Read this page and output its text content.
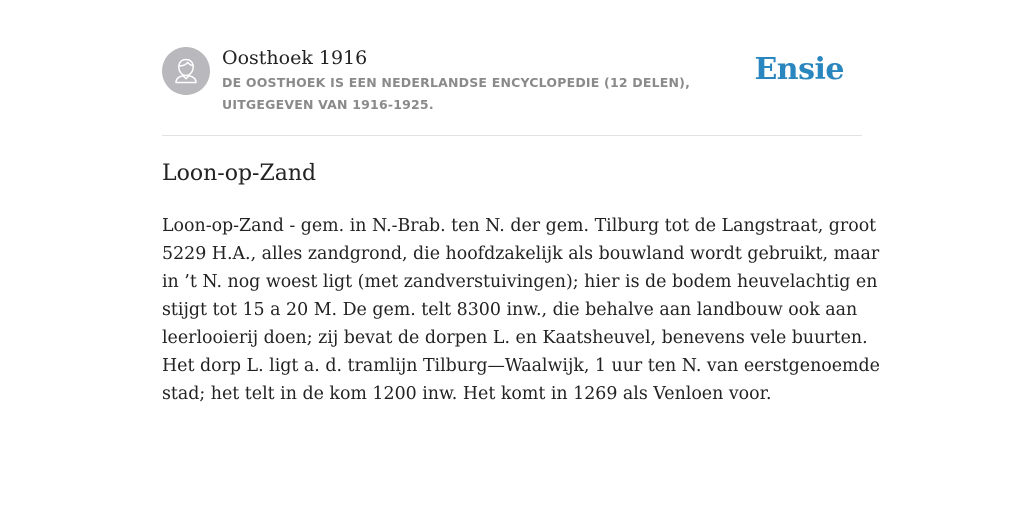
Oosthoek 1916

DE OOSTHOEK IS EEN NEDERLANDSE ENCYCLOPEDIE (12 DELEN), UITGEGEVEN VAN 1916-1925.

Ensie

Loon-op-Zand
Loon-op-Zand - gem. in N.-Brab. ten N. der gem. Tilburg tot de Langstraat, groot
5229 H.A., alles zandgrond, die hoofdzakelijk als bouwland wordt gebruikt, maar
in ’t N. nog woest ligt (met zandverstuivingen); hier is de bodem heuvelachtig en
stijgt tot 15 a 20 M. De gem. telt 8300 inw., die behalve aan landbouw ook aan
leerlooierij doen; zij bevat de dorpen L. en Kaatsheuvel, benevens vele buurten.
Het dorp L. ligt a. d. tramlijn Tilburg—Waalwijk, 1 uur ten N. van eerstgenoemde
stad; het telt in de kom 1200 inw. Het komt in 1269 als Venloen voor.
